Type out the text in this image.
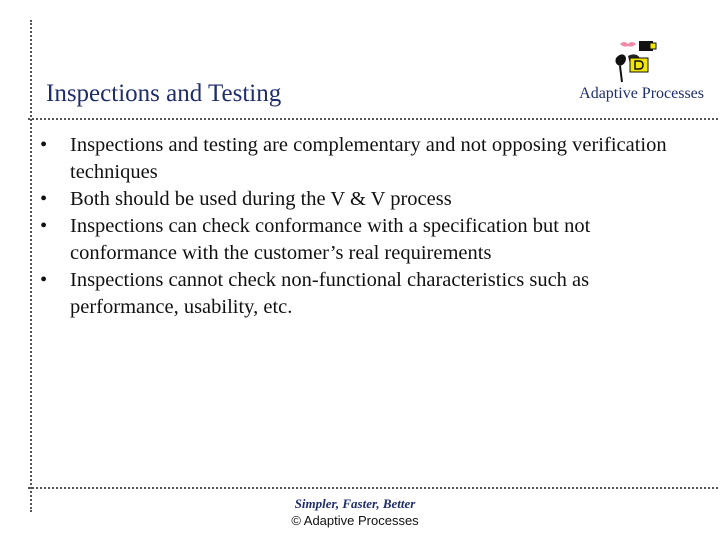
Inspections and Testing	Adaptive Processes
• Inspections and testing are complementary and not opposing verification techniques
• Both should be used during the V & V process
• Inspections can check conformance with a specification but not conformance with the customer’s real requirements
• Inspections cannot check non-functional characteristics such as performance, usability, etc.
Simpler, Faster, Better
© Adaptive Processes
